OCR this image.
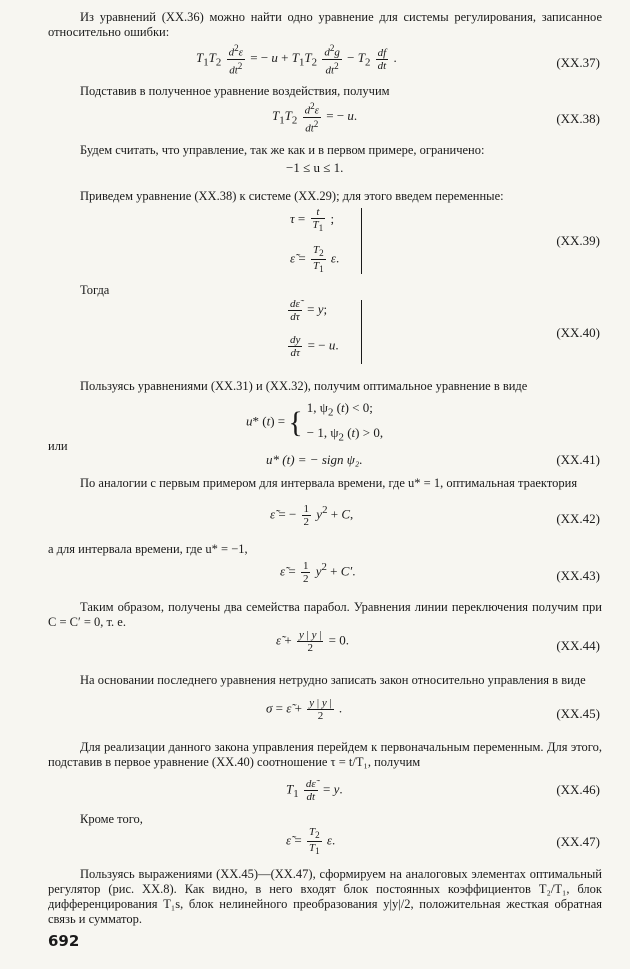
Из уравнений (XX.36) можно найти одно уравнение для системы регулирования, записанное относительно ошибки:
$T_1T_2 \frac{d^2\varepsilon}{dt^2}$ = − $u + T_1T_2 \frac{d^2g}{dt^2} - T_2 \frac{df}{dt}$ .	(XX.37)
Подставив в полученное уравнение воздействия, получим
$T_1T_2 \frac{d^2\varepsilon}{dt^2}$ = − u.	(XX.38)
Будем считать, что управление, так же как и в первом примере, ограничено:
−1 ≤ u ≤ 1.
Приведем уравнение (XX.38) к системе (XX.29); для этого введем переменные:
$\tau = \frac{t}{T_1}$ ;
ε̃ = $\frac{T_2}{T_1} \varepsilon$.
(XX.39)
Тогда
$\frac{d\varepsiloñ}{d\tau} = y$;
$\frac{dy}{d\tau}$ = − u.
(XX.40)
Пользуясь уравнениями (XX.31) и (XX.32), получим оптимальное уравнение в виде
u* (t) = {1, $\psi_2$ (t) < 0;
− 1, $\psi_2$ (t) > 0,
или
u* (t) = − sign ψ₂.	(XX.41)
По аналогии с первым примером для интервала времени, где u* = 1, оптимальная траектория
ε̃ = − $\frac{1}{2} y^2 + C$,	(XX.42)
а для интервала времени, где u* = −1,
ε̃ = $\frac{1}{2} y^2 + C'$.	(XX.43)
Таким образом, получены два семейства парабол. Уравнения линии переключения получим при C = C′ = 0, т. е.
ε̃ + $\frac{y | y |}{2} = 0$.	(XX.44)
На основании последнего уравнения нетрудно записать закон относительно управления в виде
σ = ε̃ + $\frac{y | y |}{2}$ .	(XX.45)
Для реализации данного закона управления перейдем к первоначальным переменным. Для этого, подставив в первое уравнение (XX.40) соотношение τ = t/T₁, получим
$T_1 \frac{d\varepsiloñ}{dt} = y$.	(XX.46)
Кроме того,
ε̃ = $\frac{T_2}{T_1} \varepsilon$.	(XX.47)
Пользуясь выражениями (XX.45)—(XX.47), сформируем на аналоговых элементах оптимальный регулятор (рис. XX.8). Как видно, в него входят блок постоянных коэффициентов T₂/T₁, блок дифференцирования T₁s, блок нелинейного преобразования y|y|/2, положительная жесткая обратная связь и сумматор.
692
